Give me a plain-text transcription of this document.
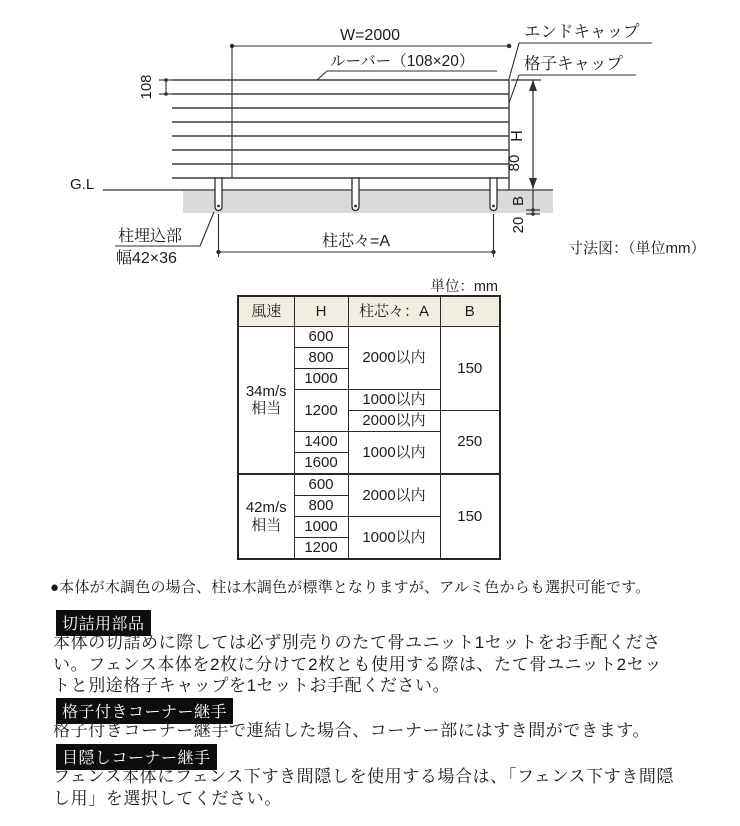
G.L
W=2000
108
ルーバー（108×20）
エンドキャップ
格子キャップ
H
80
B
20
柱埋込部
幅42×36
柱芯々=A	寸法図：（単位mm）
単位：mm
風速	H	柱芯々：A	B

34m/s
相当	600	2000以内	150
	800		
	1000		
	1200	1000以内	
		2000以内	250
	1400	1000以内	
	1600		

42m/s
相当	600	2000以内	150
	800		
	1000	1000以内	
	1200		
●本体が木調色の場合、柱は木調色が標準となりますが、アルミ色からも選択可能です。
切詰用部品
本体の切詰めに際しては必ず別売りのたて骨ユニット1セットをお手配くださ
い。フェンス本体を2枚に分けて2枚とも使用する際は、たて骨ユニット2セッ
トと別途格子キャップを1セットお手配ください。
格子付きコーナー継手
格子付きコーナー継手で連結した場合、コーナー部にはすき間ができます。
目隠しコーナー継手
フェンス本体にフェンス下すき間隠しを使用する場合は、「フェンス下すき間隠
し用」を選択してください。
